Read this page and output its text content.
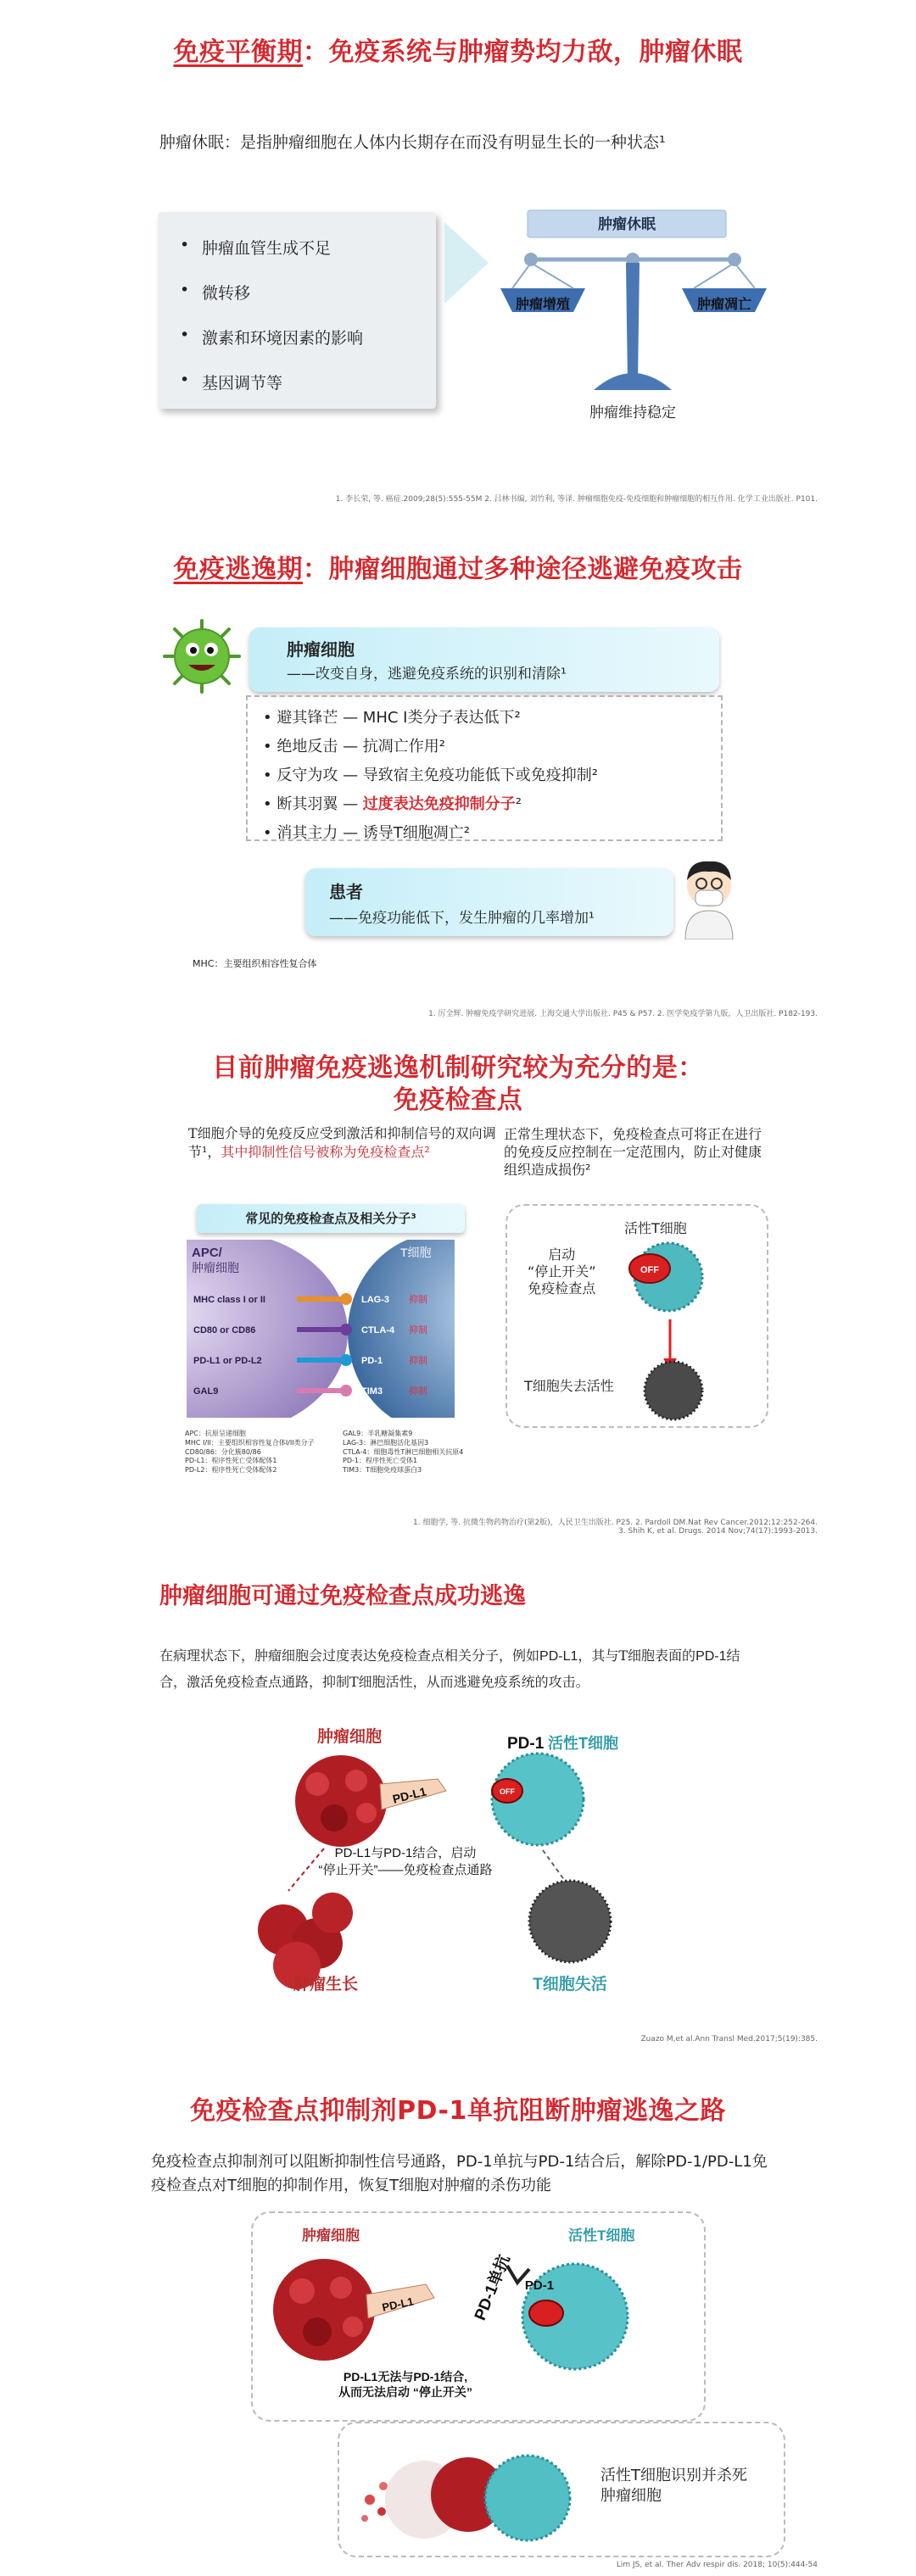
免疫平衡期：免疫系统与肿瘤势均力敌，肿瘤休眠
肿瘤休眠：是指肿瘤细胞在人体内长期存在而没有明显生长的一种状态¹
• 肿瘤血管生成不足
• 微转移
• 激素和环境因素的影响
• 基因调节等
肿瘤休眠
肿瘤增殖	肿瘤凋亡
肿瘤维持稳定
1. 李长荣, 等. 癌症.2009;28(5):555-55M 2. 吕林书编, 刘竹利, 等译. 肿瘤细胞免疫-免疫细胞和肿瘤细胞的相互作用. 化学工业出版社. P101.
免疫逃逸期：肿瘤细胞通过多种途径逃避免疫攻击
肿瘤细胞
——改变自身，逃避免疫系统的识别和清除¹
• 避其锋芒 — MHC I类分子表达低下²
• 绝地反击 — 抗凋亡作用²
• 反守为攻 — 导致宿主免疫功能低下或免疫抑制²
• 断其羽翼 — 过度表达免疫抑制分子²
• 消其主力 — 诱导T细胞凋亡²
患者
——免疫功能低下，发生肿瘤的几率增加¹
MHC：主要组织相容性复合体
1. 厉全辉. 肿瘤免疫学研究进展. 上海交通大学出版社. P45 & P57. 2. 医学免疫学第九版，人卫出版社. P182-193.
目前肿瘤免疫逃逸机制研究较为充分的是：
免疫检查点
T细胞介导的免疫反应受到激活和抑制信号的双向调节¹，其中抑制性信号被称为免疫检查点²
正常生理状态下，免疫检查点可将正在进行的免疫反应控制在一定范围内，防止对健康组织造成损伤²
常见的免疫检查点及相关分子³
APC/
肿瘤细胞
T细胞
MHC class I or II	LAG-3 抑制
CD80 or CD86	CTLA-4 抑制
PD-L1 or PD-L2	PD-1	抑制
GAL9	TIM3	抑制
APC：抗原呈递细胞
MHC I/II：主要组织相容性复合体I/II类分子
CD80/86：分化簇80/86
PD-L1：程序性死亡受体配体1
PD-L2：程序性死亡受体配体2
GAL9：半乳糖凝集素9
LAG-3：淋巴细胞活化基因3
CTLA-4：细胞毒性T淋巴细胞相关抗原4
PD-1：程序性死亡受体1
TIM3：T细胞免疫球蛋白3
活性T细胞
启动
“停止开关”
免疫检查点
OFF
T细胞失去活性
1. 细胞学, 等. 抗微生物药物治疗(第2版)，人民卫生出版社. P25. 2. Pardoll DM.Nat Rev Cancer.2012;12:252-264.
3. Shih K, et al. Drugs. 2014 Nov;74(17):1993-2013.
肿瘤细胞可通过免疫检查点成功逃逸
在病理状态下，肿瘤细胞会过度表达免疫检查点相关分子，例如PD-L1，其与T细胞表面的PD-1结合，激活免疫检查点通路，抑制T细胞活性，从而逃避免疫系统的攻击。
肿瘤细胞
PD-L1
PD-1 活性T细胞
OFF
PD-L1与PD-1结合，启动
“停止开关”——免疫检查点通路
肿瘤生长	T细胞失活
Zuazo M,et al.Ann Transl Med.2017;5(19):385.
免疫检查点抑制剂PD-1单抗阻断肿瘤逃逸之路
免疫检查点抑制剂可以阻断抑制性信号通路，PD-1单抗与PD-1结合后，解除PD-1/PD-L1免疫检查点对T细胞的抑制作用，恢复T细胞对肿瘤的杀伤功能
肿瘤细胞
PD-L1
活性T细胞
PD-1
PD-1单抗
PD-L1无法与PD-1结合,
从而无法启动 “停止开关”
活性T细胞识别并杀死
肿瘤细胞
Lim JS, et al. Ther Adv respir dis. 2018; 10(5):444-54
